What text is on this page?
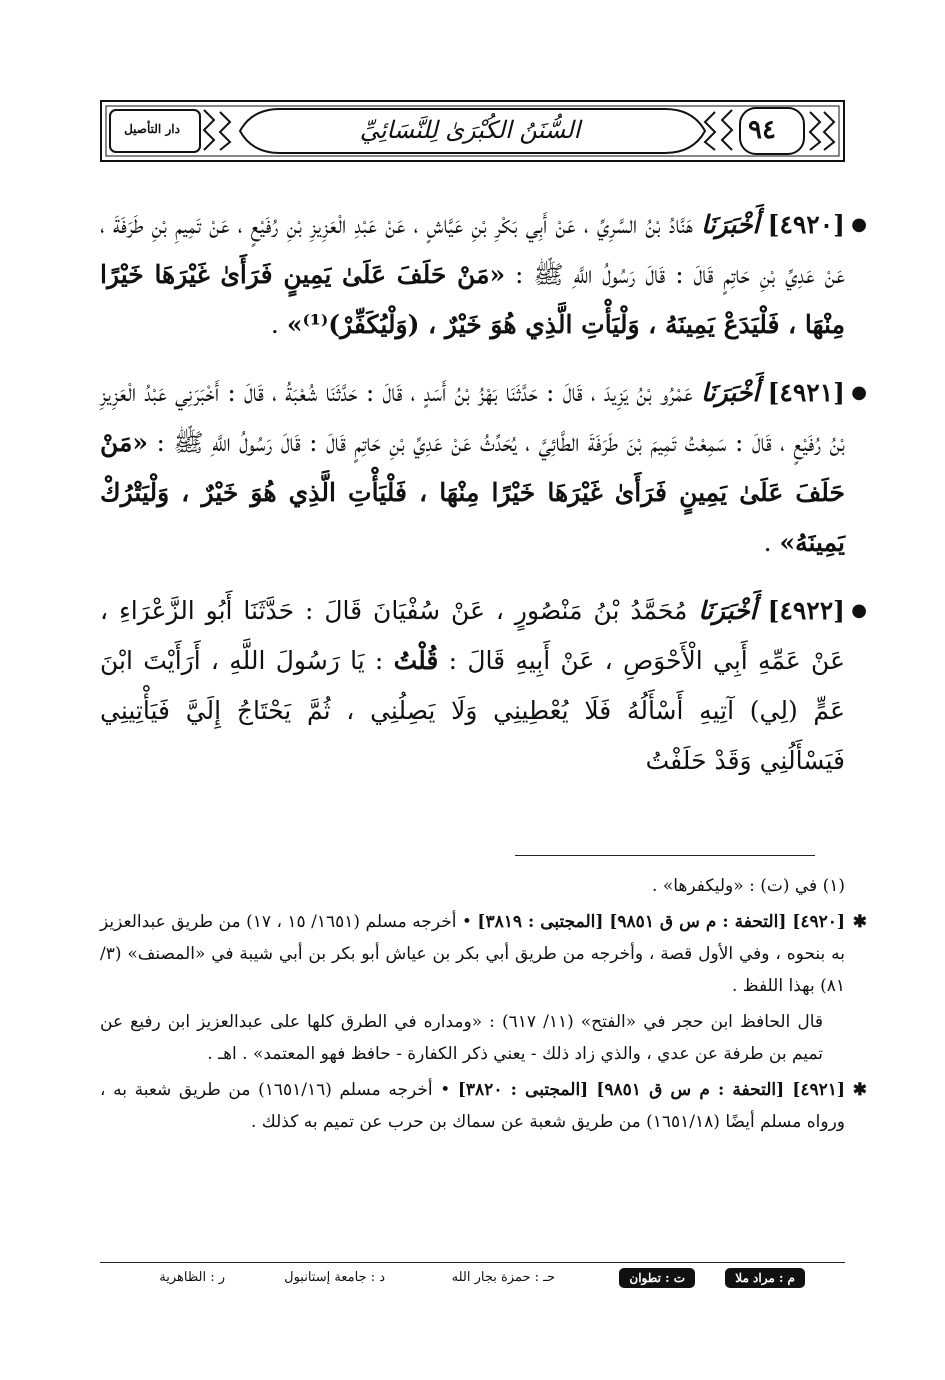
دار التأصيل	السُّنَنُ الكُبْرَىٰ لِلنَّسَائِيِّ	٩٤
●
[٤٩٢٠] أَخْبَرَنَا هَنَّادُ بْنُ السَّرِيِّ ، عَنْ أَبِي بَكْرِ بْنِ عَيَّاشٍ ، عَنْ عَبْدِ الْعَزِيزِ بْنِ رُفَيْعٍ ، عَنْ تَمِيمِ بْنِ طَرَفَةَ ، عَنْ عَدِيِّ بْنِ حَاتِمٍ قَالَ : قَالَ رَسُولُ اللَّهِ ﷺ : «مَنْ حَلَفَ عَلَىٰ يَمِينٍ فَرَأَىٰ غَيْرَهَا خَيْرًا مِنْهَا ، فَلْيَدَعْ يَمِينَهُ ، وَلْيَأْتِ الَّذِي هُوَ خَيْرٌ ، (وَلْيُكَفِّرْ)⁽¹⁾» .
●
[٤٩٢١] أَخْبَرَنَا عَمْرُو بْنُ يَزِيدَ ، قَالَ : حَدَّثَنَا بَهْزُ بْنُ أَسَدٍ ، قَالَ : حَدَّثَنَا شُعْبَةُ ، قَالَ : أَخْبَرَنِي عَبْدُ الْعَزِيزِ بْنُ رُفَيْعٍ ، قَالَ : سَمِعْتُ تَمِيمَ بْنَ طَرَفَةَ الطَّائِيَّ ، يُحَدِّثُ عَنْ عَدِيِّ بْنِ حَاتِمٍ قَالَ : قَالَ رَسُولُ اللَّهِ ﷺ : «مَنْ حَلَفَ عَلَىٰ يَمِينٍ فَرَأَىٰ غَيْرَهَا خَيْرًا مِنْهَا ، فَلْيَأْتِ الَّذِي هُوَ خَيْرٌ ، وَلْيَتْرُكْ يَمِينَهُ» .
●
[٤٩٢٢] أَخْبَرَنَا مُحَمَّدُ بْنُ مَنْصُورٍ ، عَنْ سُفْيَانَ قَالَ : حَدَّثَنَا أَبُو الزَّعْرَاءِ ، عَنْ عَمِّهِ أَبِي الْأَحْوَصِ ، عَنْ أَبِيهِ قَالَ : قُلْتُ : يَا رَسُولَ اللَّهِ ، أَرَأَيْتَ ابْنَ عَمٍّ (لِي) آتِيهِ أَسْأَلُهُ فَلَا يُعْطِينِي وَلَا يَصِلُنِي ، ثُمَّ يَحْتَاجُ إِلَيَّ فَيَأْتِينِي فَيَسْأَلُنِي وَقَدْ حَلَفْتُ
(١) في (ت) : «وليكفرها» .
✱
[٤٩٢٠] [التحفة : م س ق ٩٨٥١] [المجتبى : ٣٨١٩] • أخرجه مسلم (١٦٥١/ ١٥ ، ١٧) من طريق عبدالعزيز به بنحوه ، وفي الأول قصة ، وأخرجه من طريق أبي بكر بن عياش أبو بكر بن أبي شيبة في «المصنف» (٣/ ٨١) بهذا اللفظ .
قال الحافظ ابن حجر في «الفتح» (١١/ ٦١٧) : «ومداره في الطرق كلها على عبدالعزيز ابن رفيع عن تميم بن طرفة عن عدي ، والذي زاد ذلك - يعني ذكر الكفارة - حافظ فهو المعتمد» . اهـ .
✱
[٤٩٢١] [التحفة : م س ق ٩٨٥١] [المجتبى : ٣٨٢٠] • أخرجه مسلم (١٦٥١/١٦) من طريق شعبة به ، ورواه مسلم أيضًا (١٦٥١/١٨) من طريق شعبة عن سماك بن حرب عن تميم به كذلك .
م : مراد ملا
ت : تطوان
حـ : حمزة بجار الله
د : جامعة إستانبول
ر : الظاهرية
